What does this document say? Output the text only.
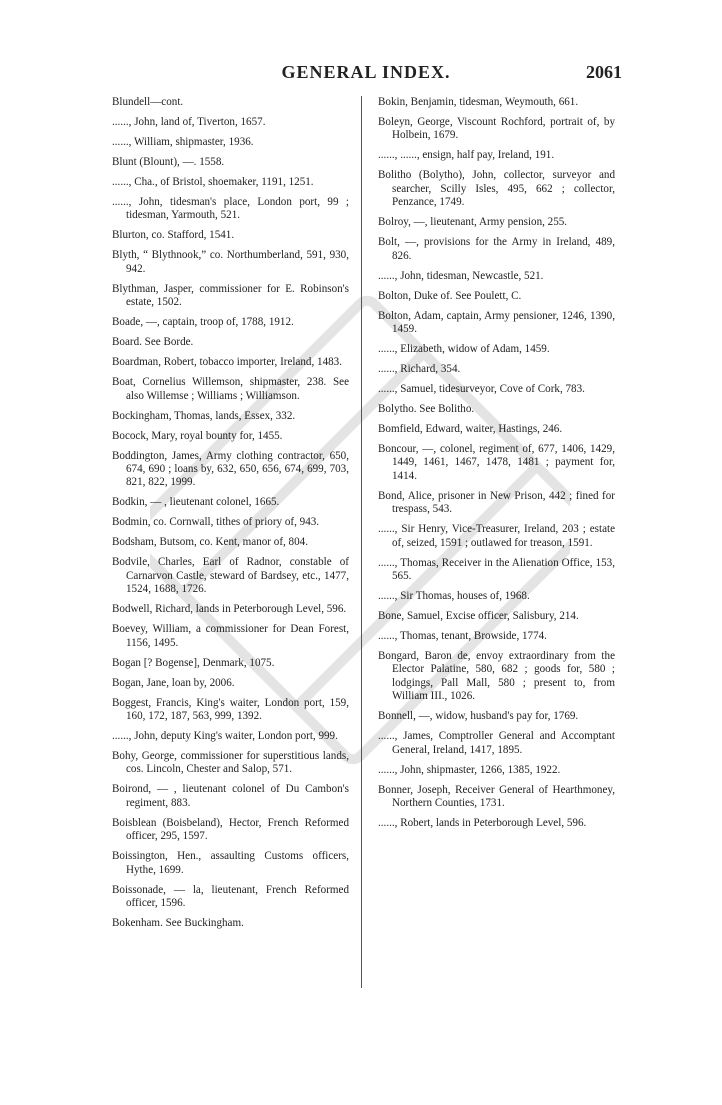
GENERAL INDEX.	2061
Blundell—cont.
......, John, land of, Tiverton, 1657.
......, William, shipmaster, 1936.
Blunt (Blount), —. 1558.
......, Cha., of Bristol, shoemaker, 1191, 1251.
......, John, tidesman's place, London port, 99 ; tidesman, Yarmouth, 521.
Blurton, co. Stafford, 1541.
Blyth, “ Blythnook,” co. Northumberland, 591, 930, 942.
Blythman, Jasper, commissioner for E. Robinson's estate, 1502.
Boade, —, captain, troop of, 1788, 1912.
Board. See Borde.
Boardman, Robert, tobacco importer, Ireland, 1483.
Boat, Cornelius Willemson, shipmaster, 238. See also Willemse ; Williams ; Williamson.
Bockingham, Thomas, lands, Essex, 332.
Bocock, Mary, royal bounty for, 1455.
Boddington, James, Army clothing contractor, 650, 674, 690 ; loans by, 632, 650, 656, 674, 699, 703, 821, 822, 1999.
Bodkin, — , lieutenant colonel, 1665.
Bodmin, co. Cornwall, tithes of priory of, 943.
Bodsham, Butsom, co. Kent, manor of, 804.
Bodvile, Charles, Earl of Radnor, constable of Carnarvon Castle, steward of Bardsey, etc., 1477, 1524, 1688, 1726.
Bodwell, Richard, lands in Peterborough Level, 596.
Boevey, William, a commissioner for Dean Forest, 1156, 1495.
Bogan [? Bogense], Denmark, 1075.
Bogan, Jane, loan by, 2006.
Boggest, Francis, King's waiter, London port, 159, 160, 172, 187, 563, 999, 1392.
......, John, deputy King's waiter, London port, 999.
Bohy, George, commissioner for superstitious lands, cos. Lincoln, Chester and Salop, 571.
Boirond, — , lieutenant colonel of Du Cambon's regiment, 883.
Boisblean (Boisbeland), Hector, French Reformed officer, 295, 1597.
Boissington, Hen., assaulting Customs officers, Hythe, 1699.
Boissonade, — la, lieutenant, French Reformed officer, 1596.
Bokenham. See Buckingham.
Bokin, Benjamin, tidesman, Weymouth, 661.
Boleyn, George, Viscount Rochford, portrait of, by Holbein, 1679.
......, ......, ensign, half pay, Ireland, 191.
Bolitho (Bolytho), John, collector, surveyor and searcher, Scilly Isles, 495, 662 ; collector, Penzance, 1749.
Bolroy, —, lieutenant, Army pension, 255.
Bolt, —, provisions for the Army in Ireland, 489, 826.
......, John, tidesman, Newcastle, 521.
Bolton, Duke of. See Poulett, C.
Bolton, Adam, captain, Army pensioner, 1246, 1390, 1459.
......, Elizabeth, widow of Adam, 1459.
......, Richard, 354.
......, Samuel, tidesurveyor, Cove of Cork, 783.
Bolytho. See Bolitho.
Bomfield, Edward, waiter, Hastings, 246.
Boncour, —, colonel, regiment of, 677, 1406, 1429, 1449, 1461, 1467, 1478, 1481 ; payment for, 1414.
Bond, Alice, prisoner in New Prison, 442 ; fined for trespass, 543.
......, Sir Henry, Vice-Treasurer, Ireland, 203 ; estate of, seized, 1591 ; outlawed for treason, 1591.
......, Thomas, Receiver in the Alienation Office, 153, 565.
......, Sir Thomas, houses of, 1968.
Bone, Samuel, Excise officer, Salisbury, 214.
......, Thomas, tenant, Browside, 1774.
Bongard, Baron de, envoy extraordinary from the Elector Palatine, 580, 682 ; goods for, 580 ; lodgings, Pall Mall, 580 ; present to, from William III., 1026.
Bonnell, —, widow, husband's pay for, 1769.
......, James, Comptroller General and Accomptant General, Ireland, 1417, 1895.
......, John, shipmaster, 1266, 1385, 1922.
Bonner, Joseph, Receiver General of Hearthmoney, Northern Counties, 1731.
......, Robert, lands in Peterborough Level, 596.
